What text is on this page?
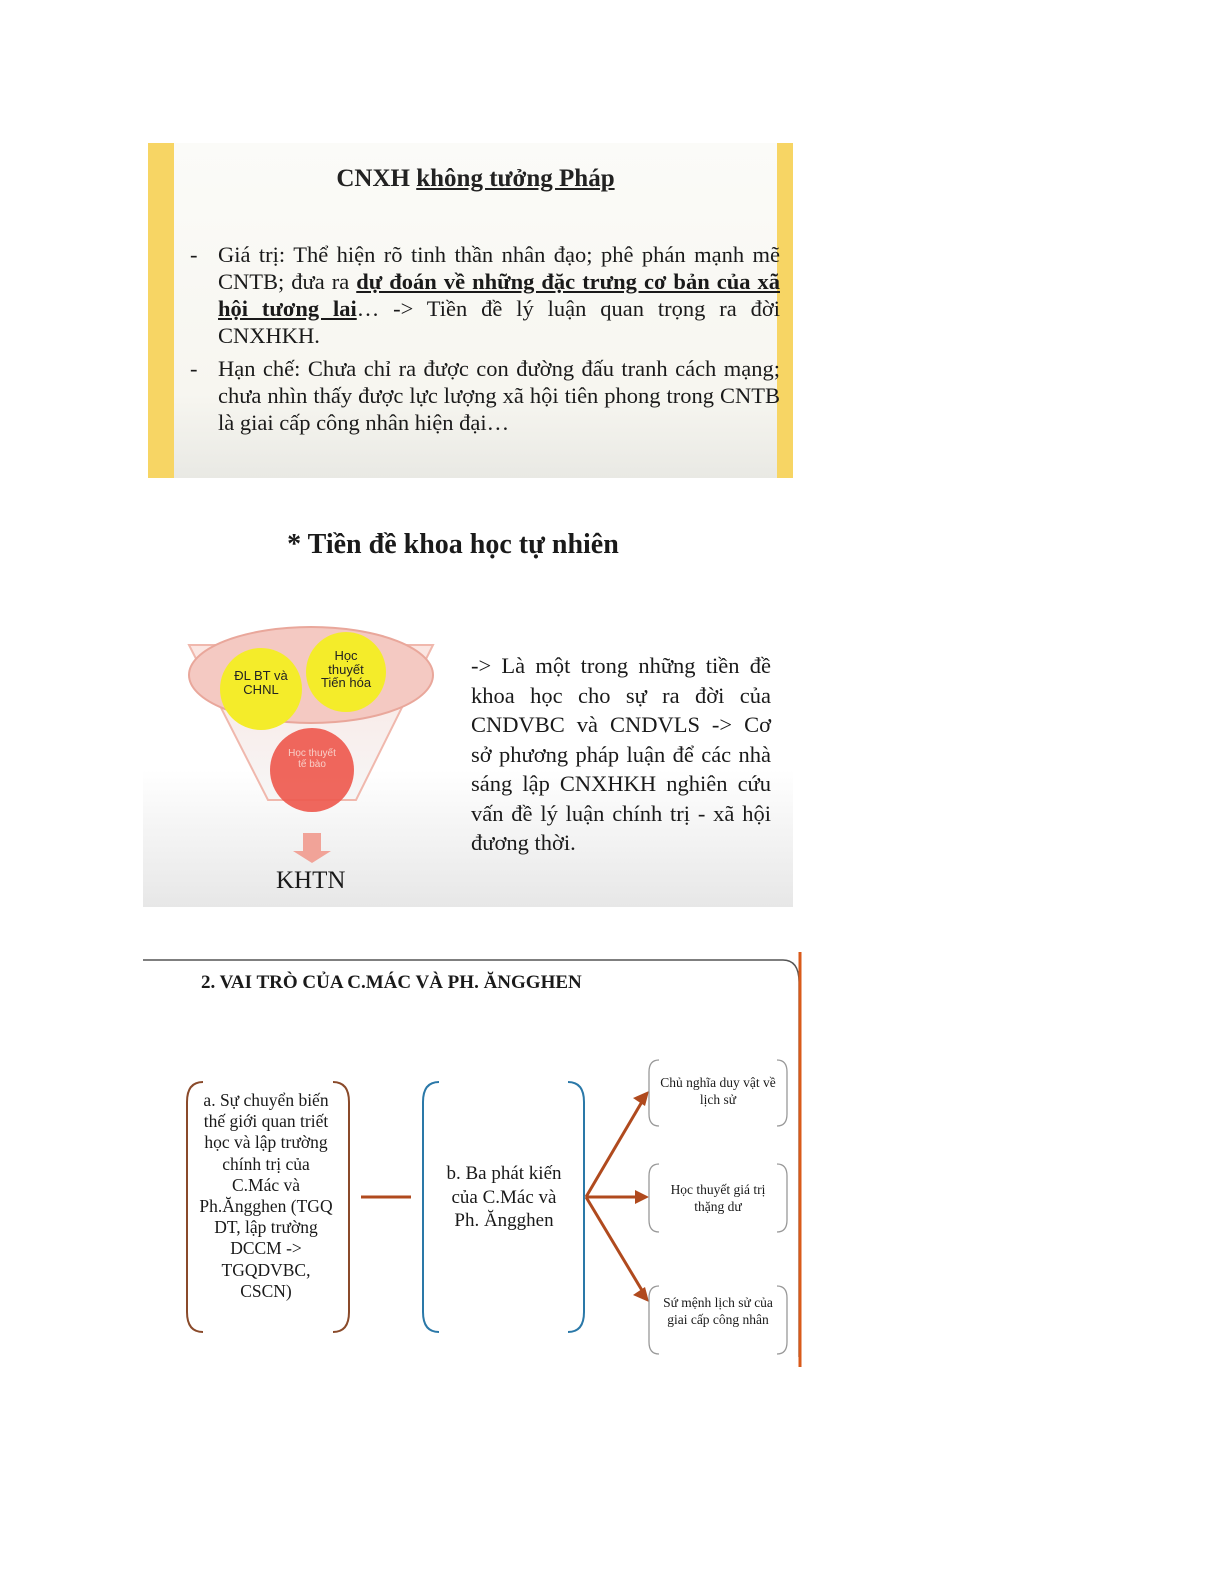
CNXH không tưởng Pháp
- Giá trị: Thể hiện rõ tinh thần nhân đạo; phê phán mạnh mẽ CNTB; đưa ra dự đoán về những đặc trưng cơ bản của xã hội tương lai… -> Tiền đề lý luận quan trọng ra đời CNXHKH.
- Hạn chế: Chưa chỉ ra được con đường đấu tranh cách mạng; chưa nhìn thấy được lực lượng xã hội tiên phong trong CNTB là giai cấp công nhân hiện đại…
* Tiền đề khoa học tự nhiên
ĐL BT và CHNL
Học thuyết Tiến hóa
Học thuyết tế bào
KHTN
-> Là một trong những tiền đề khoa học cho sự ra đời của CNDVBC và CNDVLS -> Cơ sở phương pháp luận để các nhà sáng lập CNXHKH nghiên cứu vấn đề lý luận chính trị - xã hội đương thời.
2. VAI TRÒ CỦA C.MÁC VÀ PH. ĂNGGHEN
a. Sự chuyển biến thế giới quan triết học và lập trường chính trị của C.Mác và Ph.Ăngghen (TGQ DT, lập trường DCCM -> TGQDVBC, CSCN)
b. Ba phát kiến của C.Mác và Ph. Ăngghen
Chủ nghĩa duy vật về lịch sử
Học thuyết giá trị thặng dư
Sứ mệnh lịch sử của giai cấp công nhân
